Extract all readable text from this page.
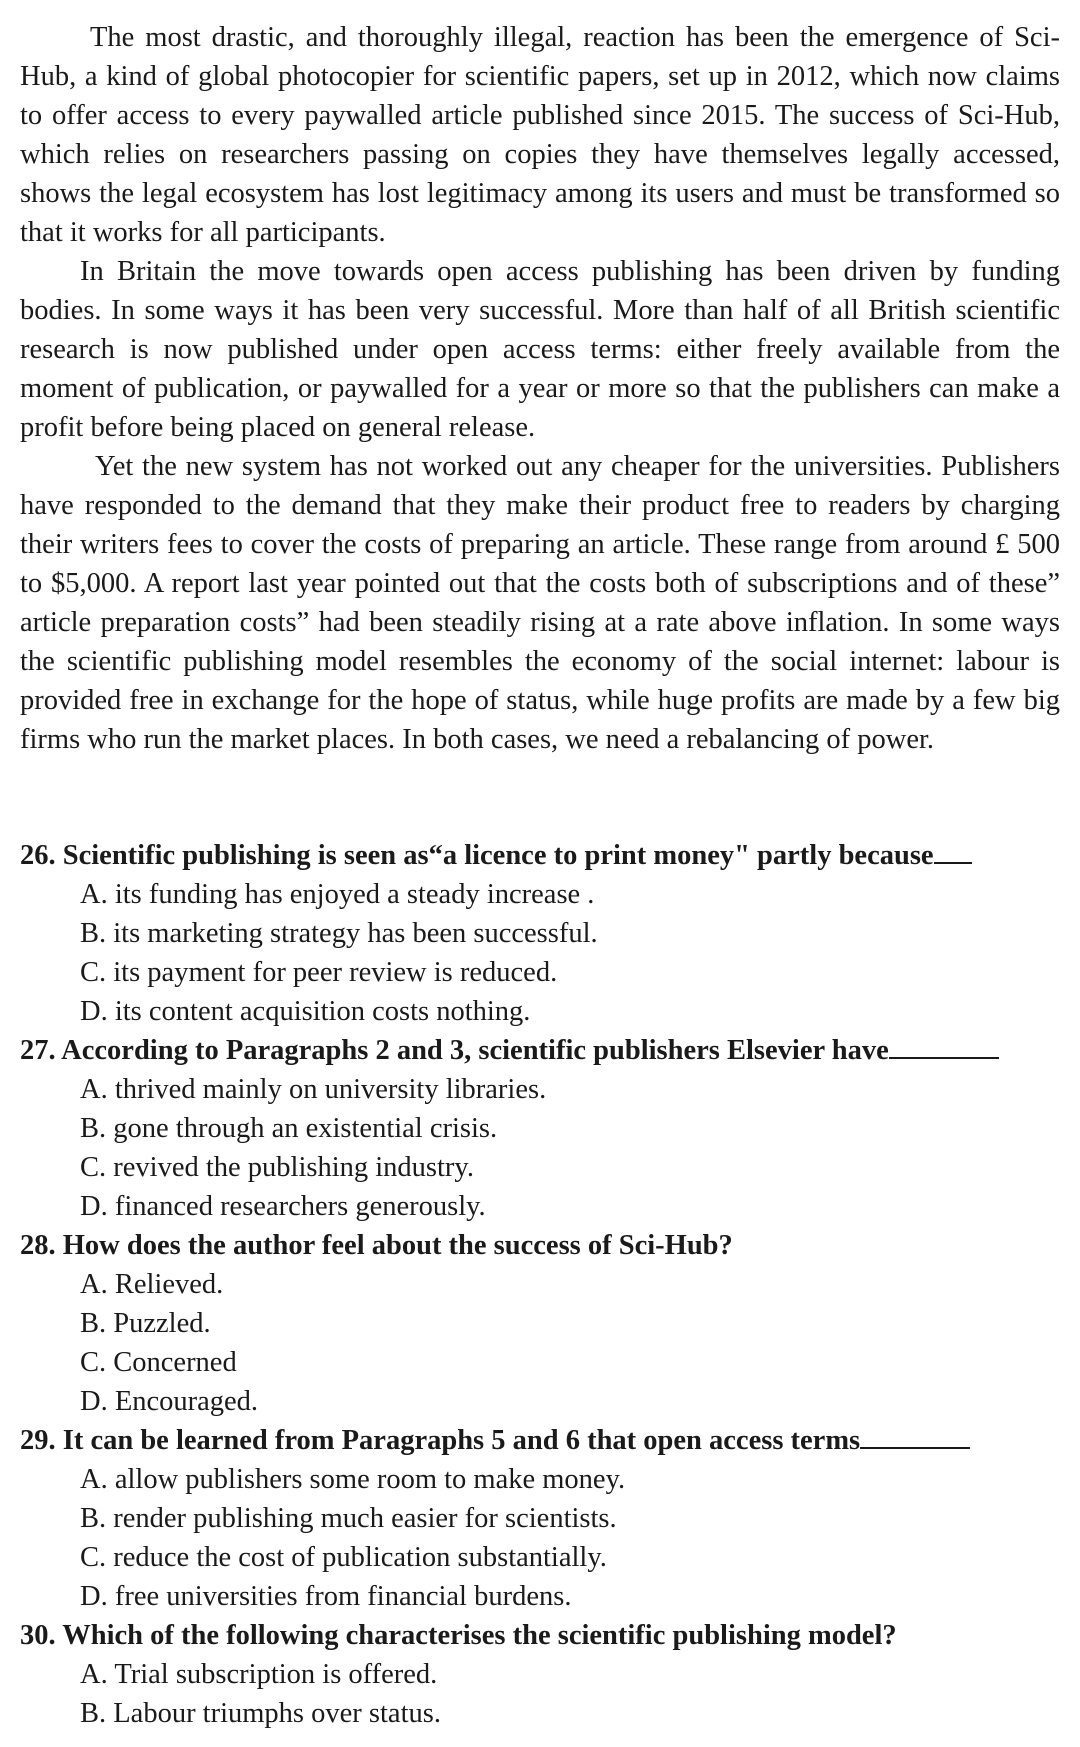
The most drastic, and thoroughly illegal, reaction has been the emergence of Sci-Hub, a kind of global photocopier for scientific papers, set up in 2012, which now claims to offer access to every paywalled article published since 2015. The success of Sci-Hub, which relies on researchers passing on copies they have themselves legally accessed, shows the legal ecosystem has lost legitimacy among its users and must be transformed so that it works for all participants.

In Britain the move towards open access publishing has been driven by funding bodies. In some ways it has been very successful. More than half of all British scientific research is now published under open access terms: either freely available from the moment of publication, or paywalled for a year or more so that the publishers can make a profit before being placed on general release.

Yet the new system has not worked out any cheaper for the universities. Publishers have responded to the demand that they make their product free to readers by charging their writers fees to cover the costs of preparing an article. These range from around £ 500 to $5,000. A report last year pointed out that the costs both of subscriptions and of these” article preparation costs” had been steadily rising at a rate above inflation. In some ways the scientific publishing model resembles the economy of the social internet: labour is provided free in exchange for the hope of status, while huge profits are made by a few big firms who run the market places. In both cases, we need a rebalancing of power.

26. Scientific publishing is seen as“a licence to print money" partly because

A. its funding has enjoyed a steady increase .
B. its marketing strategy has been successful.
C. its payment for peer review is reduced.
D. its content acquisition costs nothing.

27. According to Paragraphs 2 and 3, scientific publishers Elsevier have

A. thrived mainly on university libraries.
B. gone through an existential crisis.
C. revived the publishing industry.
D. financed researchers generously.

28. How does the author feel about the success of Sci-Hub?

A. Relieved.
B. Puzzled.
C. Concerned
D. Encouraged.

29. It can be learned from Paragraphs 5 and 6 that open access terms

A. allow publishers some room to make money.
B. render publishing much easier for scientists.
C. reduce the cost of publication substantially.
D. free universities from financial burdens.

30. Which of the following characterises the scientific publishing model?

A. Trial subscription is offered.
B. Labour triumphs over status.
